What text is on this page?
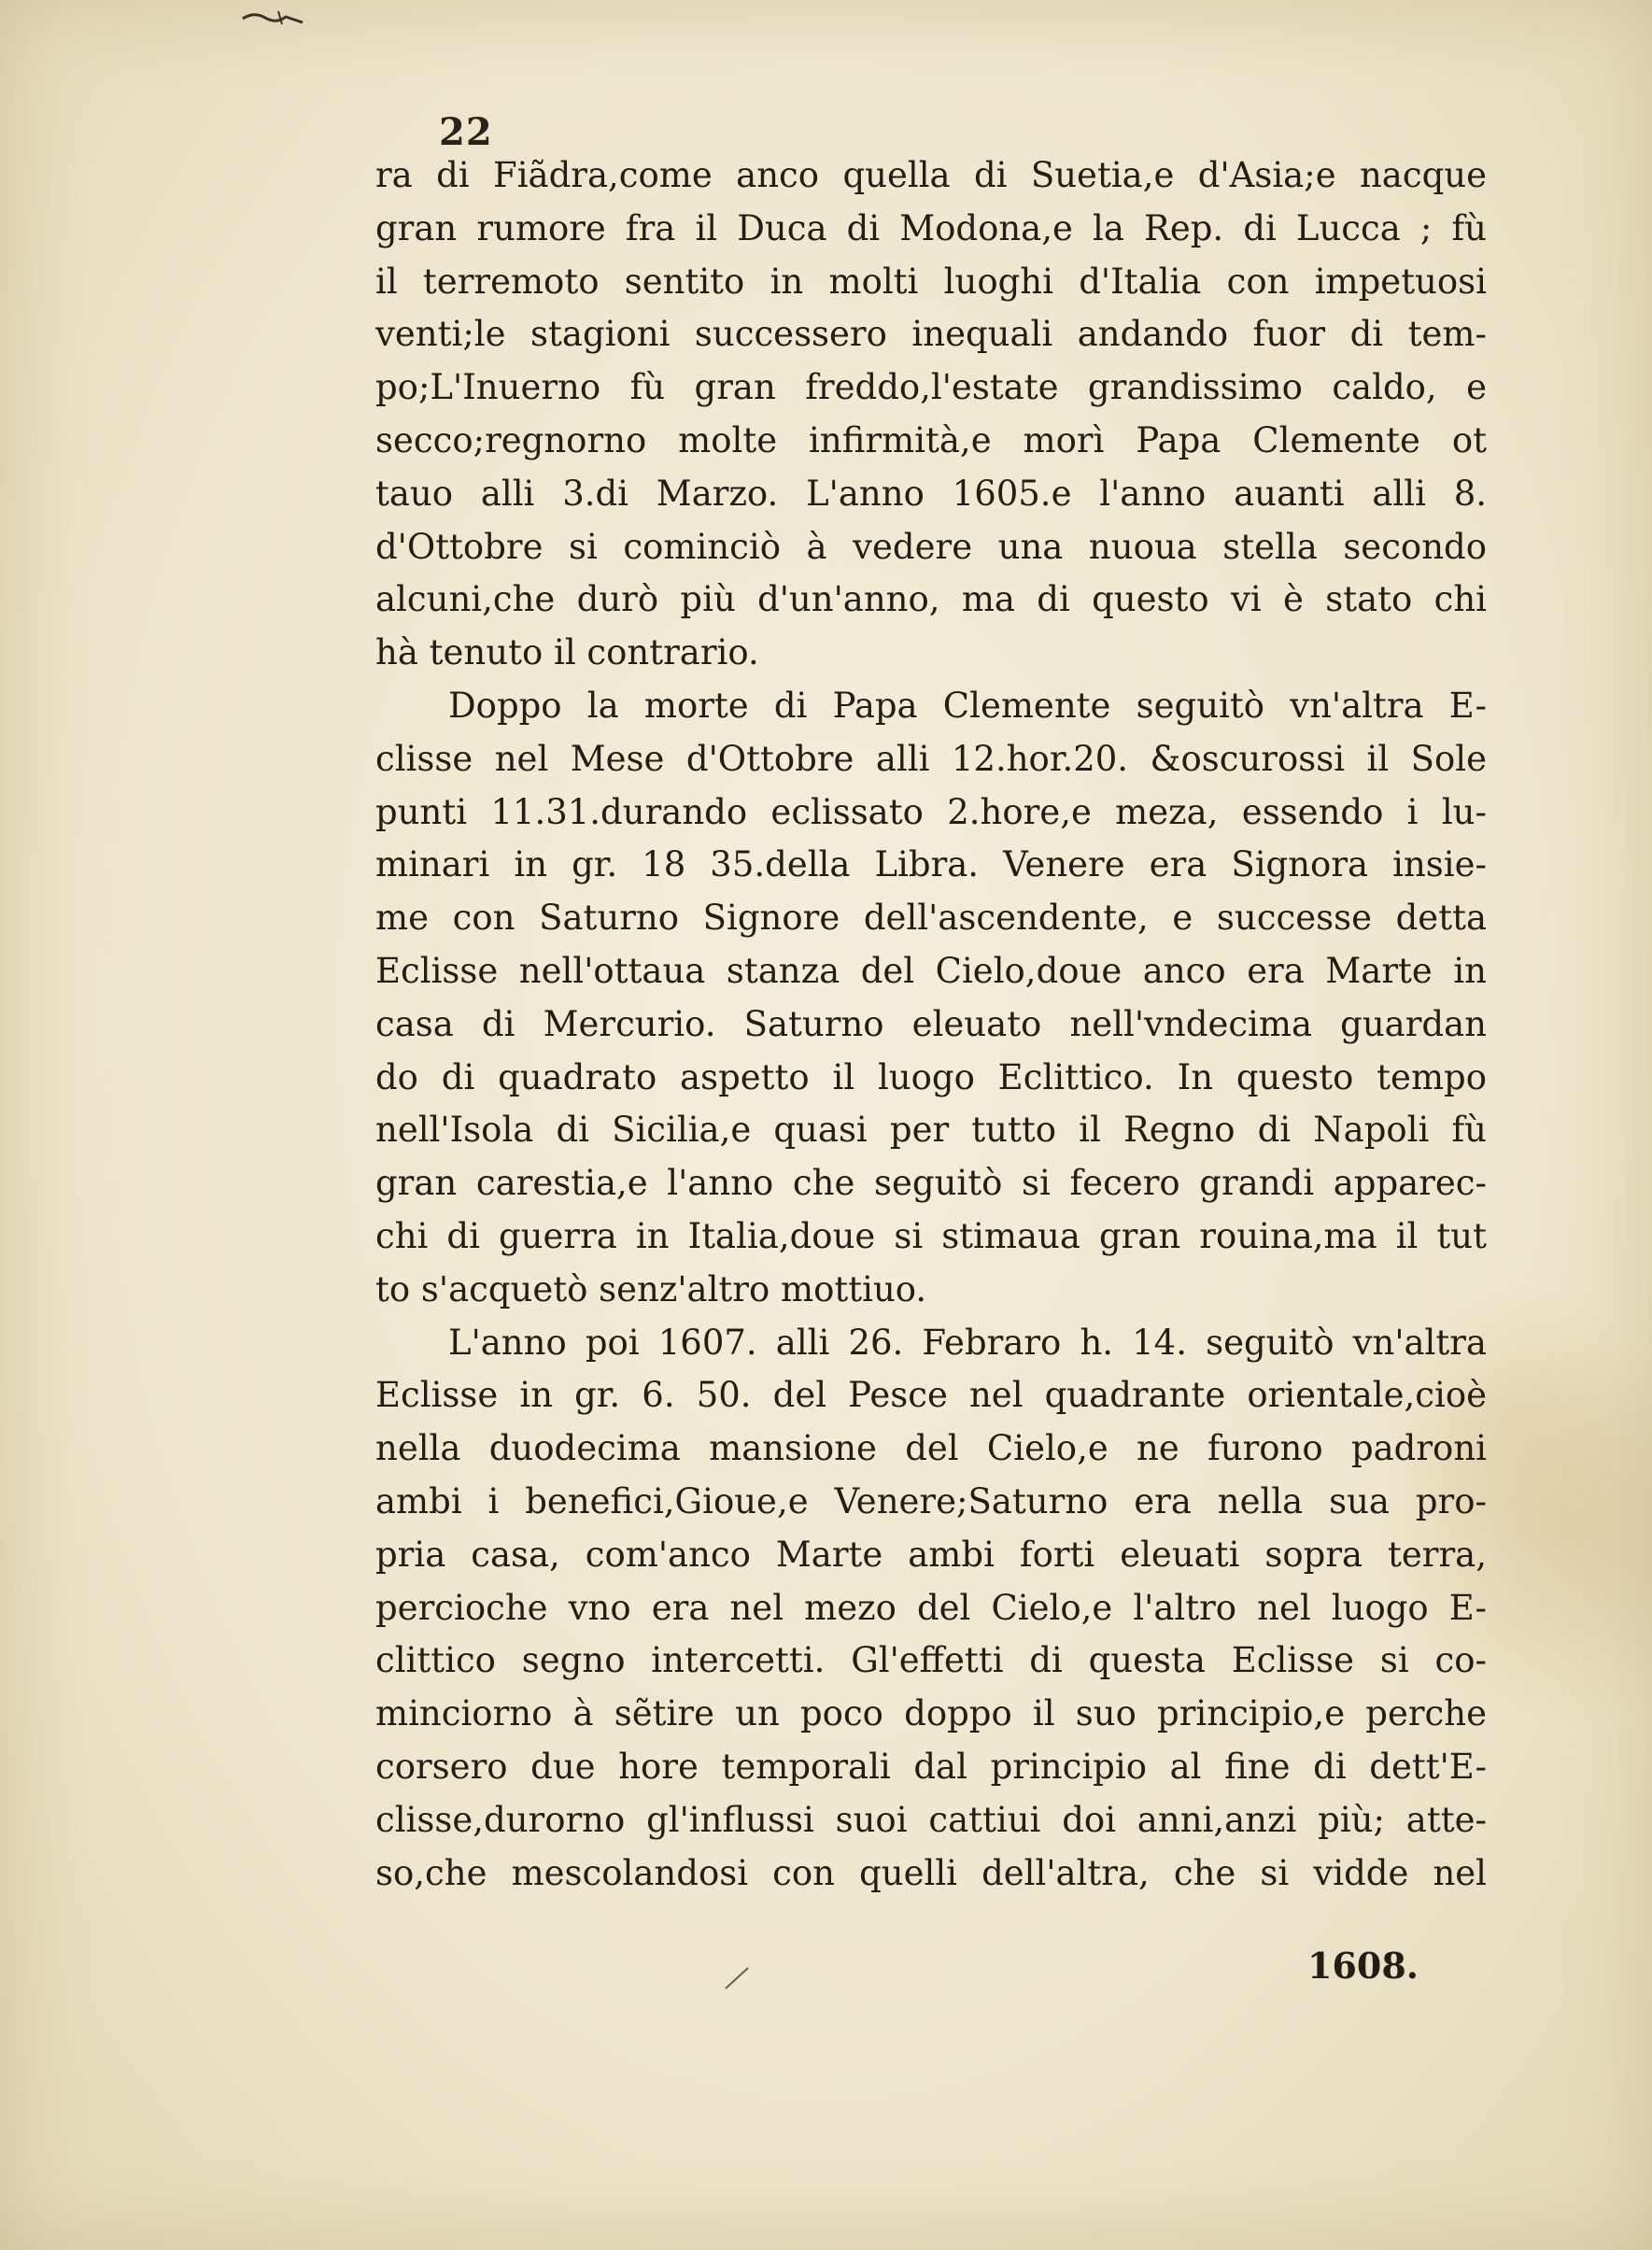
22
ra di Fiãdra,come anco quella di Suetia,e d'Asia;e nacque
gran rumore fra il Duca di Modona,e la Rep. di Lucca ; fù
il terremoto sentito in molti luoghi d'Italia con impetuosi
venti;le stagioni successero inequali andando fuor di tem-
po;L'Inuerno fù gran freddo,l'estate grandissimo caldo, e
secco;regnorno molte infirmità,e morì Papa Clemente ot
tauo alli 3.di Marzo. L'anno 1605.e l'anno auanti alli 8.
d'Ottobre si cominciò à vedere una nuoua stella secondo
alcuni,che durò più d'un'anno, ma di questo vi è stato chi
hà tenuto il contrario.
Doppo la morte di Papa Clemente seguitò vn'altra E-
clisse nel Mese d'Ottobre alli 12.hor.20. &oscurossi il Sole
punti 11.31.durando eclissato 2.hore,e meza, essendo i lu-
minari in gr. 18 35.della Libra. Venere era Signora insie-
me con Saturno Signore dell'ascendente, e successe detta
Eclisse nell'ottaua stanza del Cielo,doue anco era Marte in
casa di Mercurio. Saturno eleuato nell'vndecima guardan
do di quadrato aspetto il luogo Eclittico. In questo tempo
nell'Isola di Sicilia,e quasi per tutto il Regno di Napoli fù
gran carestia,e l'anno che seguitò si fecero grandi apparec-
chi di guerra in Italia,doue si stimaua gran rouina,ma il tut
to s'acquetò senz'altro mottiuo.
L'anno poi 1607. alli 26. Febraro h. 14. seguitò vn'altra
Eclisse in gr. 6. 50. del Pesce nel quadrante orientale,cioè
nella duodecima mansione del Cielo,e ne furono padroni
ambi i benefici,Gioue,e Venere;Saturno era nella sua pro-
pria casa, com'anco Marte ambi forti eleuati sopra terra,
percioche vno era nel mezo del Cielo,e l'altro nel luogo E-
clittico segno intercetti. Gl'effetti di questa Eclisse si co-
minciorno à sẽtire un poco doppo il suo principio,e perche
corsero due hore temporali dal principio al fine di dett'E-
clisse,durorno gl'influssi suoi cattiui doi anni,anzi più; atte-
so,che mescolandosi con quelli dell'altra, che si vidde nel
1608.
